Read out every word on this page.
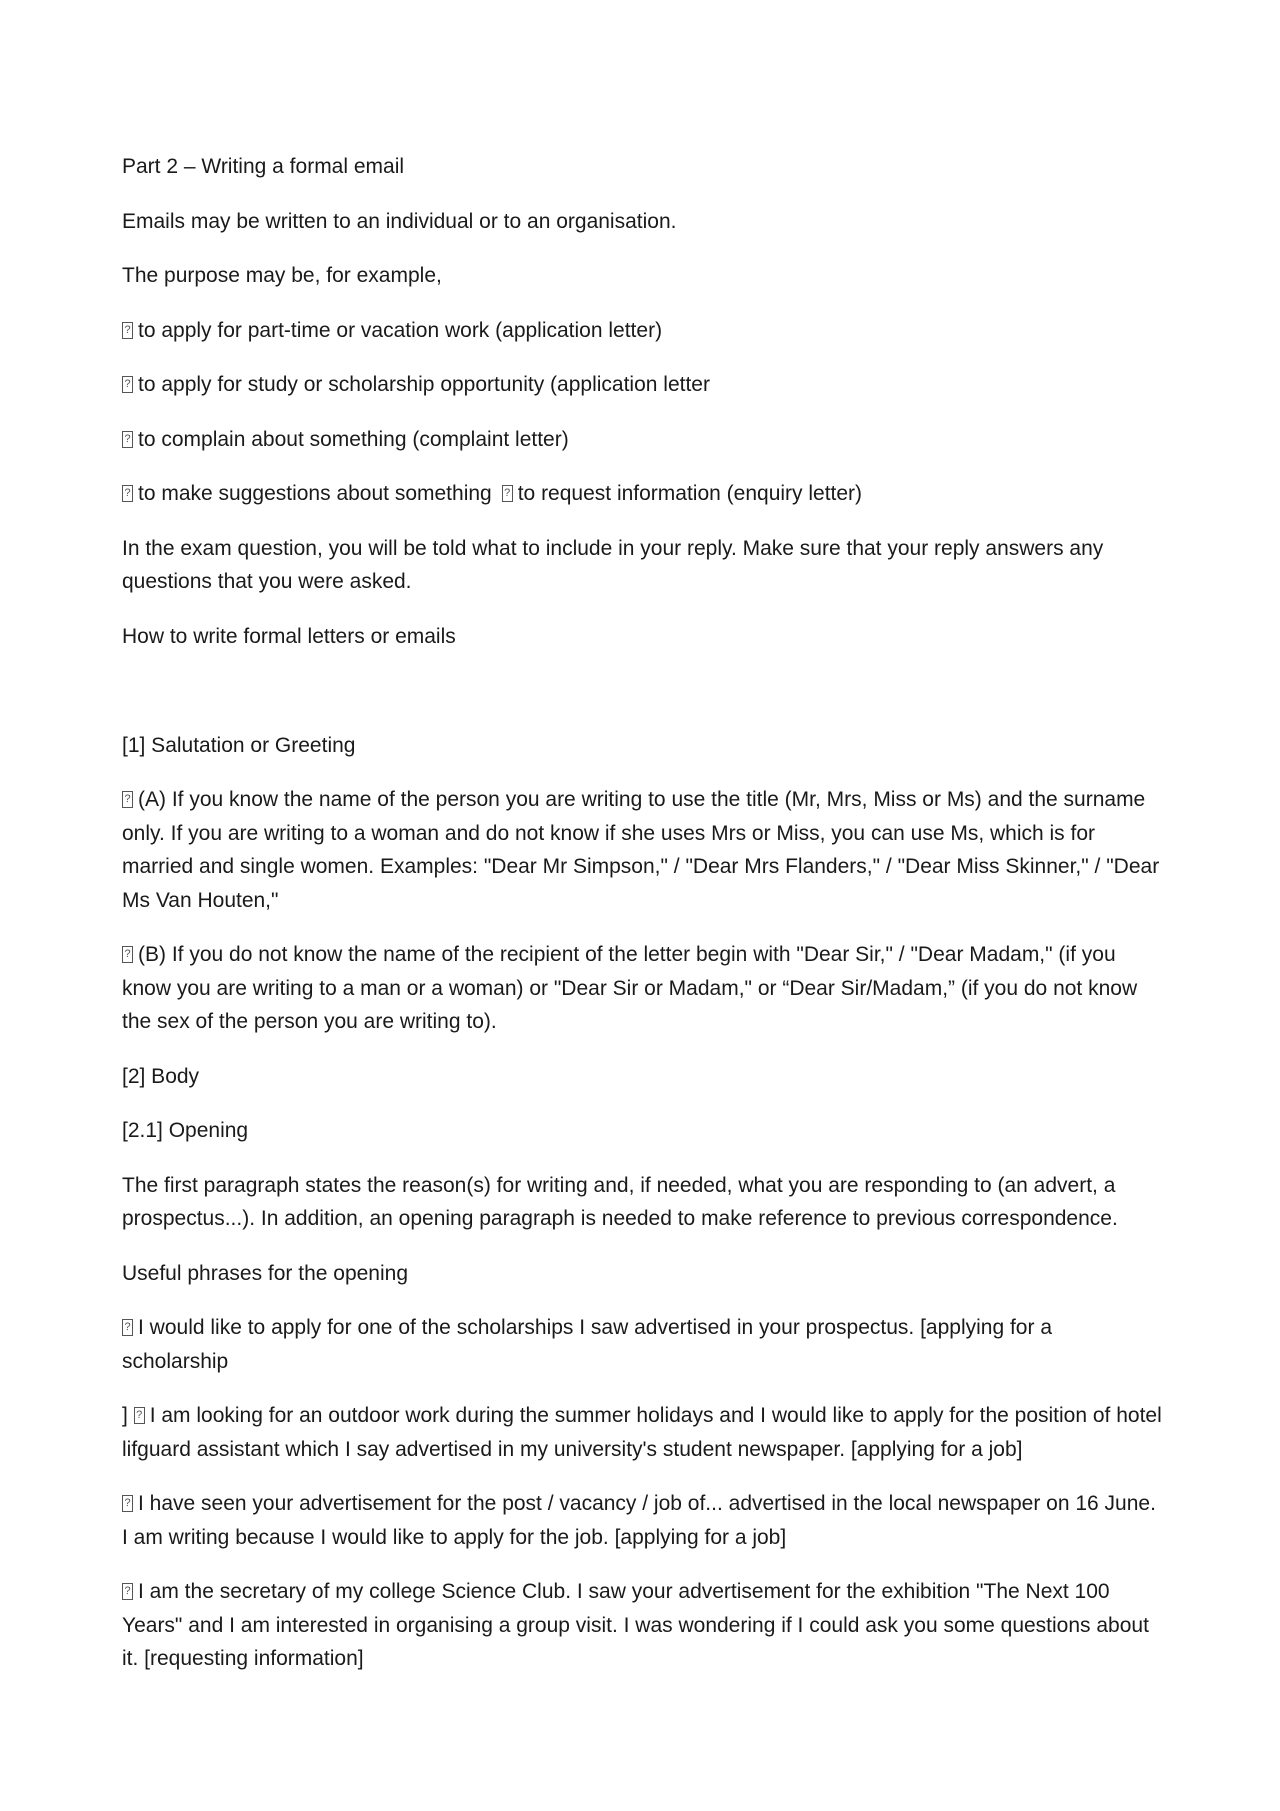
Part 2 – Writing a formal email

Emails may be written to an individual or to an organisation.

The purpose may be, for example,

?to apply for part-time or vacation work (application letter)

?to apply for study or scholarship opportunity (application letter

?to complain about something (complaint letter)

?to make suggestions about something ? to request information (enquiry letter)

In the exam question, you will be told what to include in your reply. Make sure that your reply answers any questions that you were asked.

How to write formal letters or emails

[1] Salutation or Greeting

?(A) If you know the name of the person you are writing to use the title (Mr, Mrs, Miss or Ms) and the surname only. If you are writing to a woman and do not know if she uses Mrs or Miss, you can use Ms, which is for married and single women. Examples: "Dear Mr Simpson," / "Dear Mrs Flanders," / "Dear Miss Skinner," / "Dear Ms Van Houten,"

?(B) If you do not know the name of the recipient of the letter begin with "Dear Sir," / "Dear Madam," (if you know you are writing to a man or a woman) or "Dear Sir or Madam," or “Dear Sir/Madam,” (if you do not know the sex of the person you are writing to).

[2] Body

[2.1] Opening

The first paragraph states the reason(s) for writing and, if needed, what you are responding to (an advert, a prospectus...). In addition, an opening paragraph is needed to make reference to previous correspondence.

Useful phrases for the opening

?I would like to apply for one of the scholarships I saw advertised in your prospectus. [applying for a scholarship

] ? I am looking for an outdoor work during the summer holidays and I would like to apply for the position of hotel lifguard assistant which I say advertised in my university's student newspaper. [applying for a job]

?I have seen your advertisement for the post / vacancy / job of... advertised in the local newspaper on 16 June. I am writing because I would like to apply for the job. [applying for a job]

?I am the secretary of my college Science Club. I saw your advertisement for the exhibition "The Next 100 Years" and I am interested in organising a group visit. I was wondering if I could ask you some questions about it. [requesting information]
